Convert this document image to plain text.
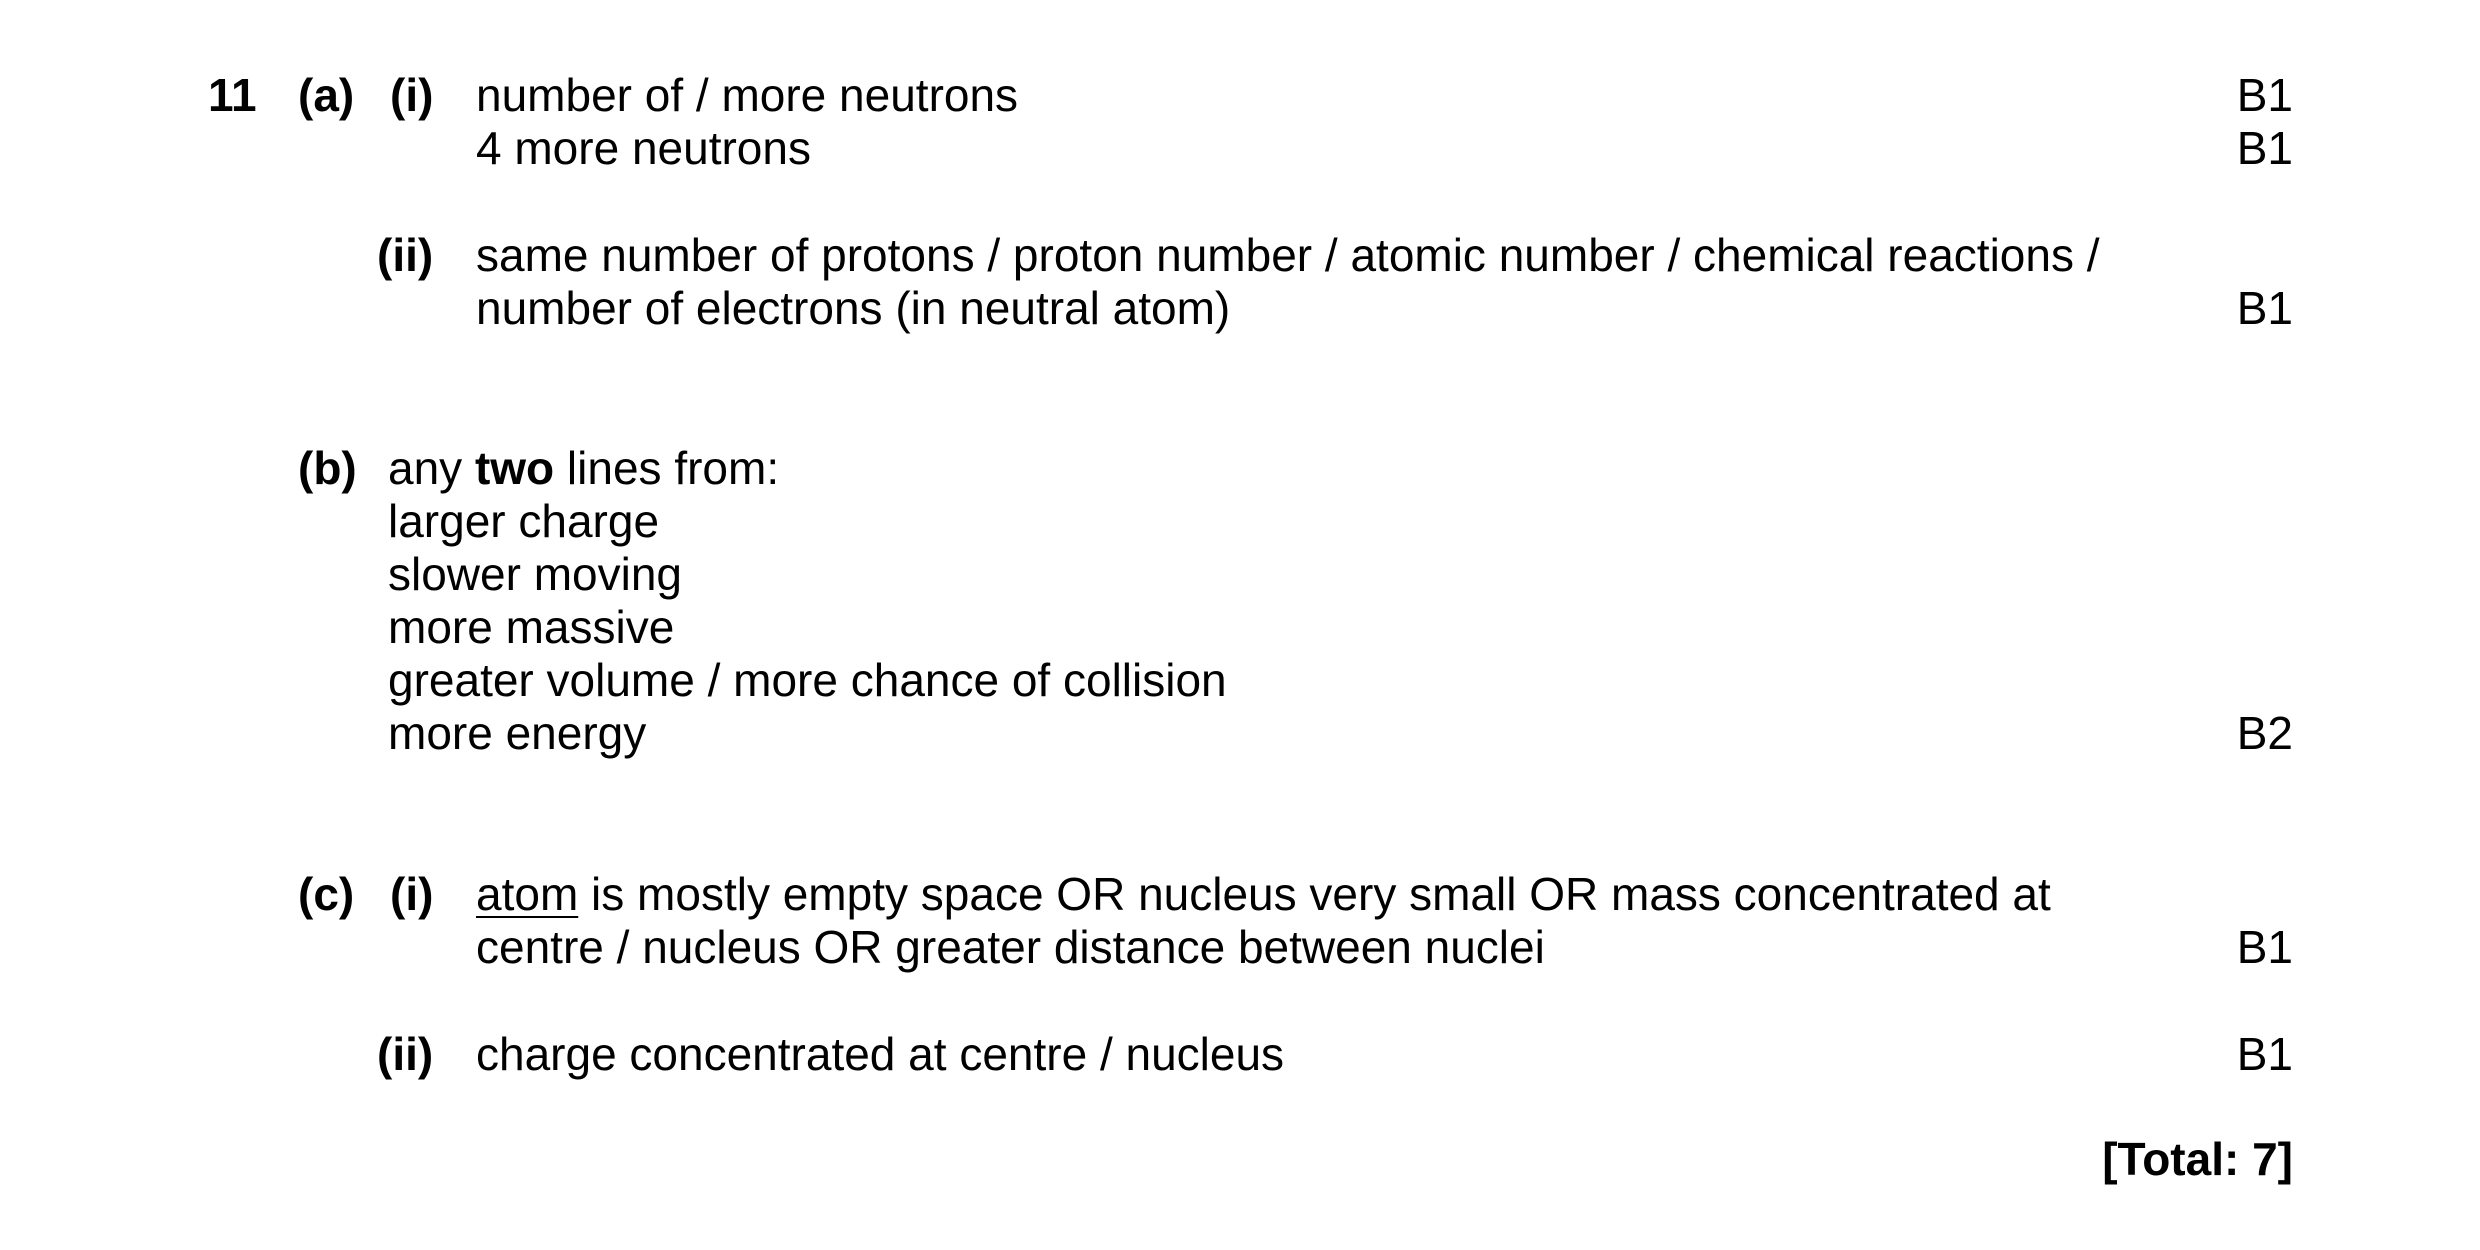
11 (a) (i) number of / more neutrons	B1
4 more neutrons	B1
(ii) same number of protons / proton number / atomic number / chemical reactions /
number of electrons (in neutral atom)	B1
(b) any two lines from:
larger charge
slower moving
more massive
greater volume / more chance of collision
more energy	B2
(c) (i) atom is mostly empty space OR nucleus very small OR mass concentrated at
centre / nucleus OR greater distance between nuclei	B1
(ii) charge concentrated at centre / nucleus	B1
[Total: 7]
